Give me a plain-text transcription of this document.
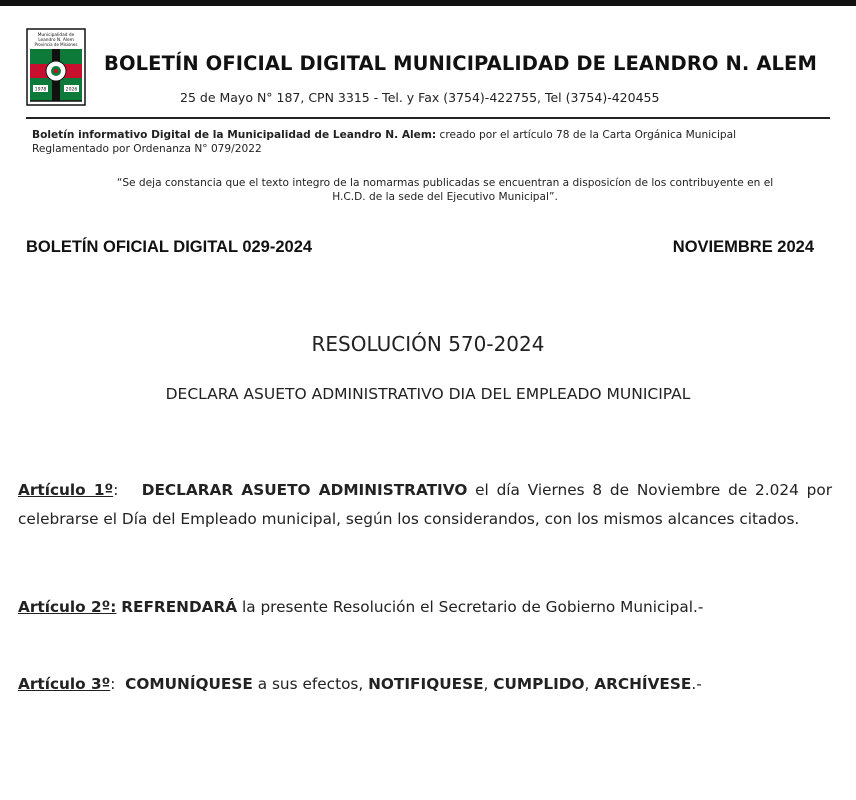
Municipalidad de
Leandro N. Alem
Provincia de Misiones
1978	2026
BOLETÍN OFICIAL DIGITAL MUNICIPALIDAD DE LEANDRO N. ALEM
25 de Mayo N° 187, CPN 3315 - Tel. y Fax (3754)-422755, Tel (3754)-420455
Boletín informativo Digital de la Municipalidad de Leandro N. Alem: creado por el artículo 78 de la Carta Orgánica Municipal
Reglamentado por Ordenanza N° 079/2022
“Se deja constancia que el texto integro de la nomarmas publicadas se encuentran a disposicíon de los contribuyente en el H.C.D. de la sede del Ejecutivo Municipal”.
BOLETÍN OFICIAL DIGITAL 029-2024	NOVIEMBRE 2024
RESOLUCIÓN 570-2024
DECLARA ASUETO ADMINISTRATIVO DIA DEL EMPLEADO MUNICIPAL
Artículo 1º:   DECLARAR ASUETO ADMINISTRATIVO el día Viernes 8 de Noviembre de 2.024 por celebrarse el Día del Empleado municipal, según los considerandos, con los mismos alcances citados.
Artículo 2º: REFRENDARÁ la presente Resolución el Secretario de Gobierno Municipal.-
Artículo 3º:  COMUNÍQUESE a sus efectos, NOTIFIQUESE, CUMPLIDO, ARCHÍVESE.-
